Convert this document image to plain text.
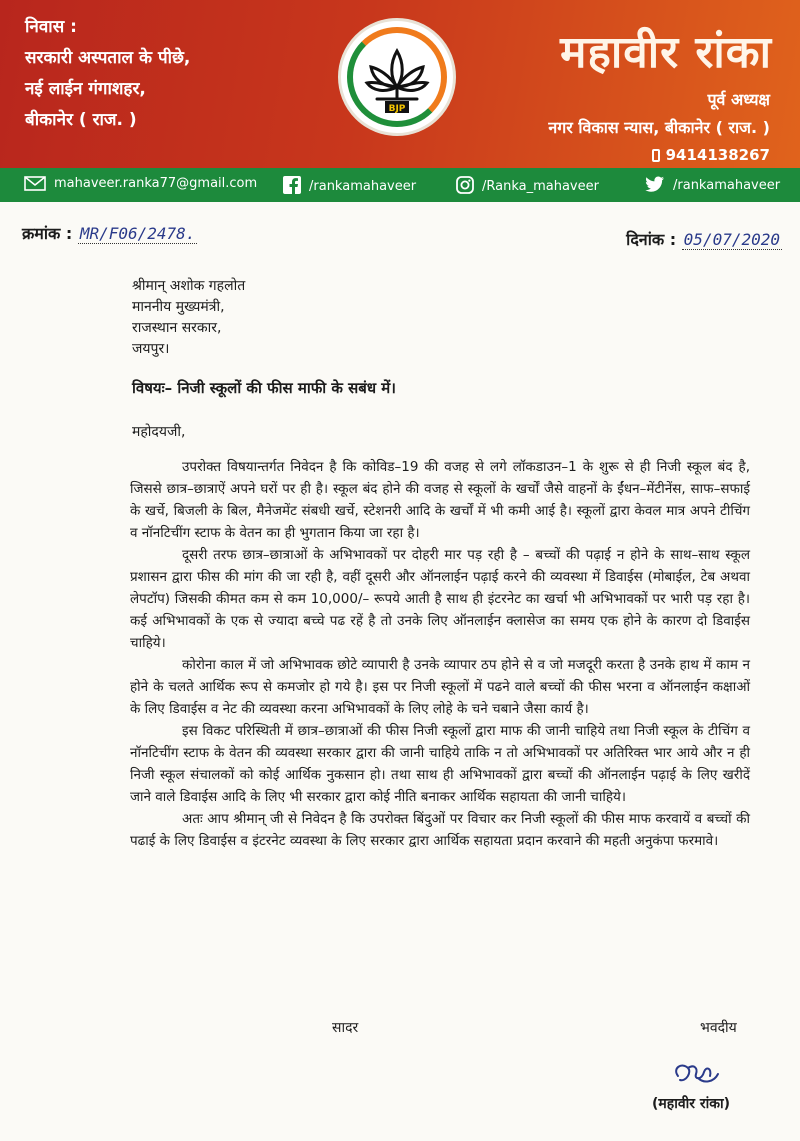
निवास :
सरकारी अस्पताल के पीछे,
नई लाईन गंगाशहर,
बीकानेर ( राज. )
BJP
महावीर रांका
पूर्व अध्यक्ष
नगर विकास न्यास, बीकानेर ( राज. )
9414138267
mahaveer.ranka77@gmail.com	/rankamahaveer	/Ranka_mahaveer	/rankamahaveer
क्रमांक : MR/F06/2478.	दिनांक : 05/07/2020
श्रीमान् अशोक गहलोत
माननीय मुख्यमंत्री,
राजस्थान सरकार,
जयपुर।
विषयः– निजी स्कूलों की फीस माफी के सबंध में।
महोदयजी,

उपरोक्त विषयान्तर्गत निवेदन है कि कोविड–19 की वजह से लगे लॉकडाउन–1 के शुरू से ही निजी स्कूल बंद है, जिससे छात्र–छात्राऐं अपने घरों पर ही है। स्कूल बंद होने की वजह से स्कूलों के खर्चों जैसे वाहनों के ईंधन–मेंटीनेंस, साफ–सफाई के खर्चे, बिजली के बिल, मैनेजमेंट संबधी खर्चे, स्टेशनरी आदि के खर्चों में भी कमी आई है। स्कूलों द्वारा केवल मात्र अपने टीचिंग व नॉनटिचींग स्टाफ के वेतन का ही भुगतान किया जा रहा है।

दूसरी तरफ छात्र–छात्राओं के अभिभावकों पर दोहरी मार पड़ रही है – बच्चों की पढ़ाई न होने के साथ–साथ स्कूल प्रशासन द्वारा फीस की मांग की जा रही है, वहीं दूसरी और ऑनलाईन पढ़ाई करने की व्यवस्था में डिवाईस (मोबाईल, टेब अथवा लेपटॉप) जिसकी कीमत कम से कम 10,000/– रूपये आती है साथ ही इंटरनेट का खर्चा भी अभिभावकों पर भारी पड़ रहा है। कई अभिभावकों के एक से ज्यादा बच्चे पढ रहें है तो उनके लिए ऑनलाईन क्लासेज का समय एक होने के कारण दो डिवाईस चाहिये।

कोरोना काल में जो अभिभावक छोटे व्यापारी है उनके व्यापार ठप होने से व जो मजदूरी करता है उनके हाथ में काम न होने के चलते आर्थिक रूप से कमजोर हो गये है। इस पर निजी स्कूलों में पढने वाले बच्चों की फीस भरना व ऑनलाईन कक्षाओं के लिए डिवाईस व नेट की व्यवस्था करना अभिभावकों के लिए लोहे के चने चबाने जैसा कार्य है।

इस विकट परिस्थिती में छात्र–छात्राओं की फीस निजी स्कूलों द्वारा माफ की जानी चाहिये तथा निजी स्कूल के टीचिंग व नॉनटिचींग स्टाफ के वेतन की व्यवस्था सरकार द्वारा की जानी चाहिये ताकि न तो अभिभावकों पर अतिरिक्त भार आये और न ही निजी स्कूल संचालकों को कोई आर्थिक नुकसान हो। तथा साथ ही अभिभावकों द्वारा बच्चों की ऑनलाईन पढ़ाई के लिए खरीदें जाने वाले डिवाईस आदि के लिए भी सरकार द्वारा कोई नीति बनाकर आर्थिक सहायता की जानी चाहिये।

अतः आप श्रीमान् जी से निवेदन है कि उपरोक्त बिंदुओं पर विचार कर निजी स्कूलों की फीस माफ करवायें व बच्चों की पढाई के लिए डिवाईस व इंटरनेट व्यवस्था के लिए सरकार द्वारा आर्थिक सहायता प्रदान करवाने की महती अनुकंपा फरमावे।

सादर	भवदीय
(महावीर रांका)
